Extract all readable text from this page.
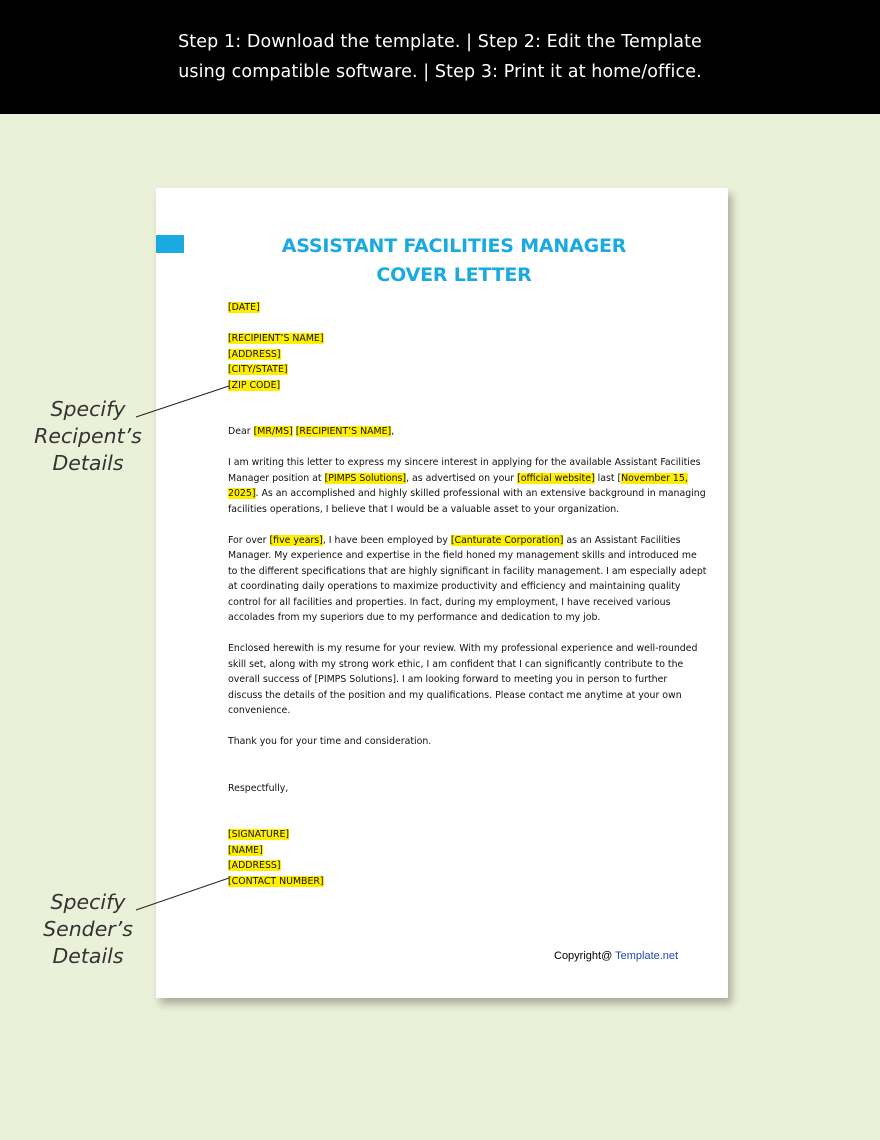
Step 1: Download the template. | Step 2: Edit the Template
using compatible software. | Step 3: Print it at home/office.
ASSISTANT FACILITIES MANAGER
COVER LETTER
[DATE]
[RECIPIENT’S NAME]
[ADDRESS]
[CITY/STATE]
[ZIP CODE]
Dear [MR/MS] [RECIPIENT’S NAME],
I am writing this letter to express my sincere interest in applying for the available Assistant Facilities
Manager position at [PIMPS Solutions], as advertised on your [official website] last [November 15,
2025]. As an accomplished and highly skilled professional with an extensive background in managing
facilities operations, I believe that I would be a valuable asset to your organization.
For over [five years], I have been employed by [Canturate Corporation] as an Assistant Facilities
Manager. My experience and expertise in the field honed my management skills and introduced me
to the different specifications that are highly significant in facility management. I am especially adept
at coordinating daily operations to maximize productivity and efficiency and maintaining quality
control for all facilities and properties. In fact, during my employment, I have received various
accolades from my superiors due to my performance and dedication to my job.
Enclosed herewith is my resume for your review. With my professional experience and well-rounded
skill set, along with my strong work ethic, I am confident that I can significantly contribute to the
overall success of [PIMPS Solutions]. I am looking forward to meeting you in person to further
discuss the details of the position and my qualifications. Please contact me anytime at your own
convenience.
Thank you for your time and consideration.
Respectfully,
[SIGNATURE]
[NAME]
[ADDRESS]
[CONTACT NUMBER]
Copyright@ Template.net
Specify
Recipent’s
Details
Specify
Sender’s
Details
